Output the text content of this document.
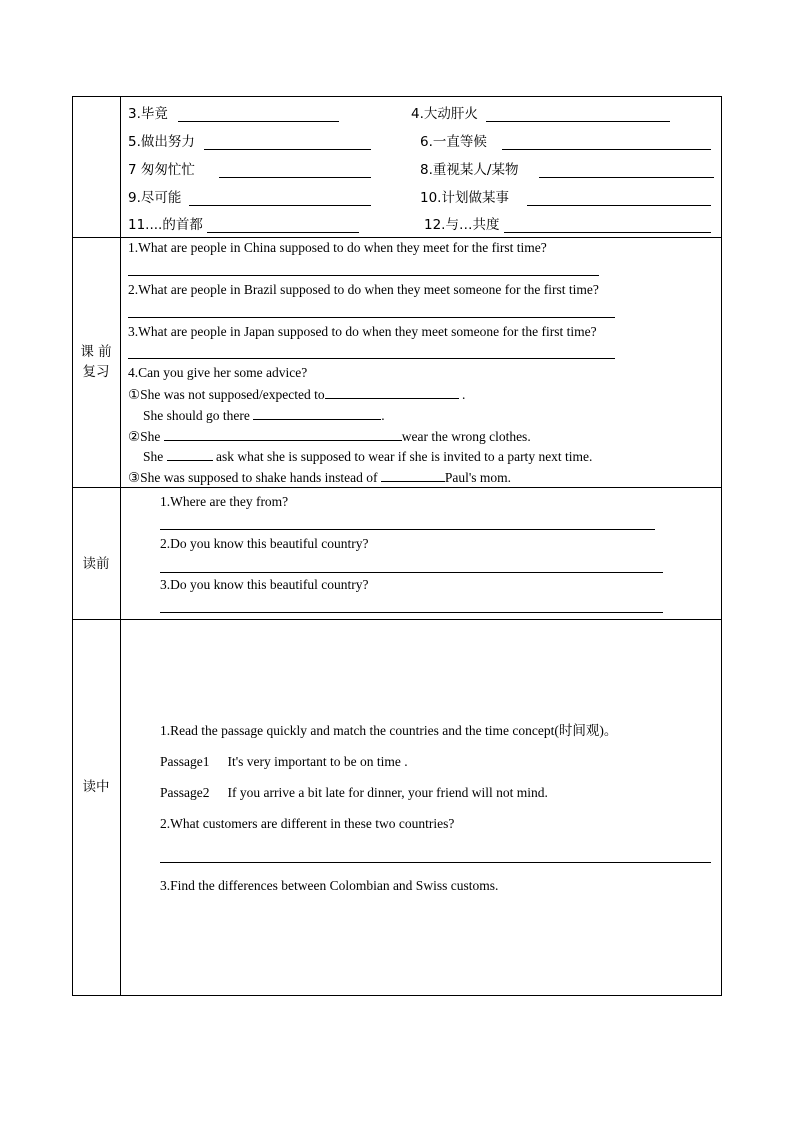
3.毕竟	4.大动肝火
5.做出努力	6.一直等候
7 匆匆忙忙	8.重视某人/某物
9.尽可能	10.计划做某事
11....的首都	12.与…共度
课 前
复习
1.What are people in China supposed to do when they meet for the first time?
2.What are people in Brazil supposed to do when they meet someone for the first time?
3.What are people in Japan supposed to do when they meet someone for the first time?
4.Can you give her some advice?
①She was not supposed/expected to	.
She should go there	.
②She	wear the wrong clothes.
She	ask what she is supposed to wear if she is invited to a party next time.
③She was supposed to shake hands instead of	Paul's mom.
读前
1.Where are they from?
2.Do you know this beautiful country?
3.Do you know this beautiful country?
读中
1.Read the passage quickly and match the countries and the time concept(时间观)。
Passage1 It's very important to be on time .
Passage2 If you arrive a bit late for dinner, your friend will not mind.
2.What customers are different in these two countries?
3.Find the differences between Colombian and Swiss customs.
